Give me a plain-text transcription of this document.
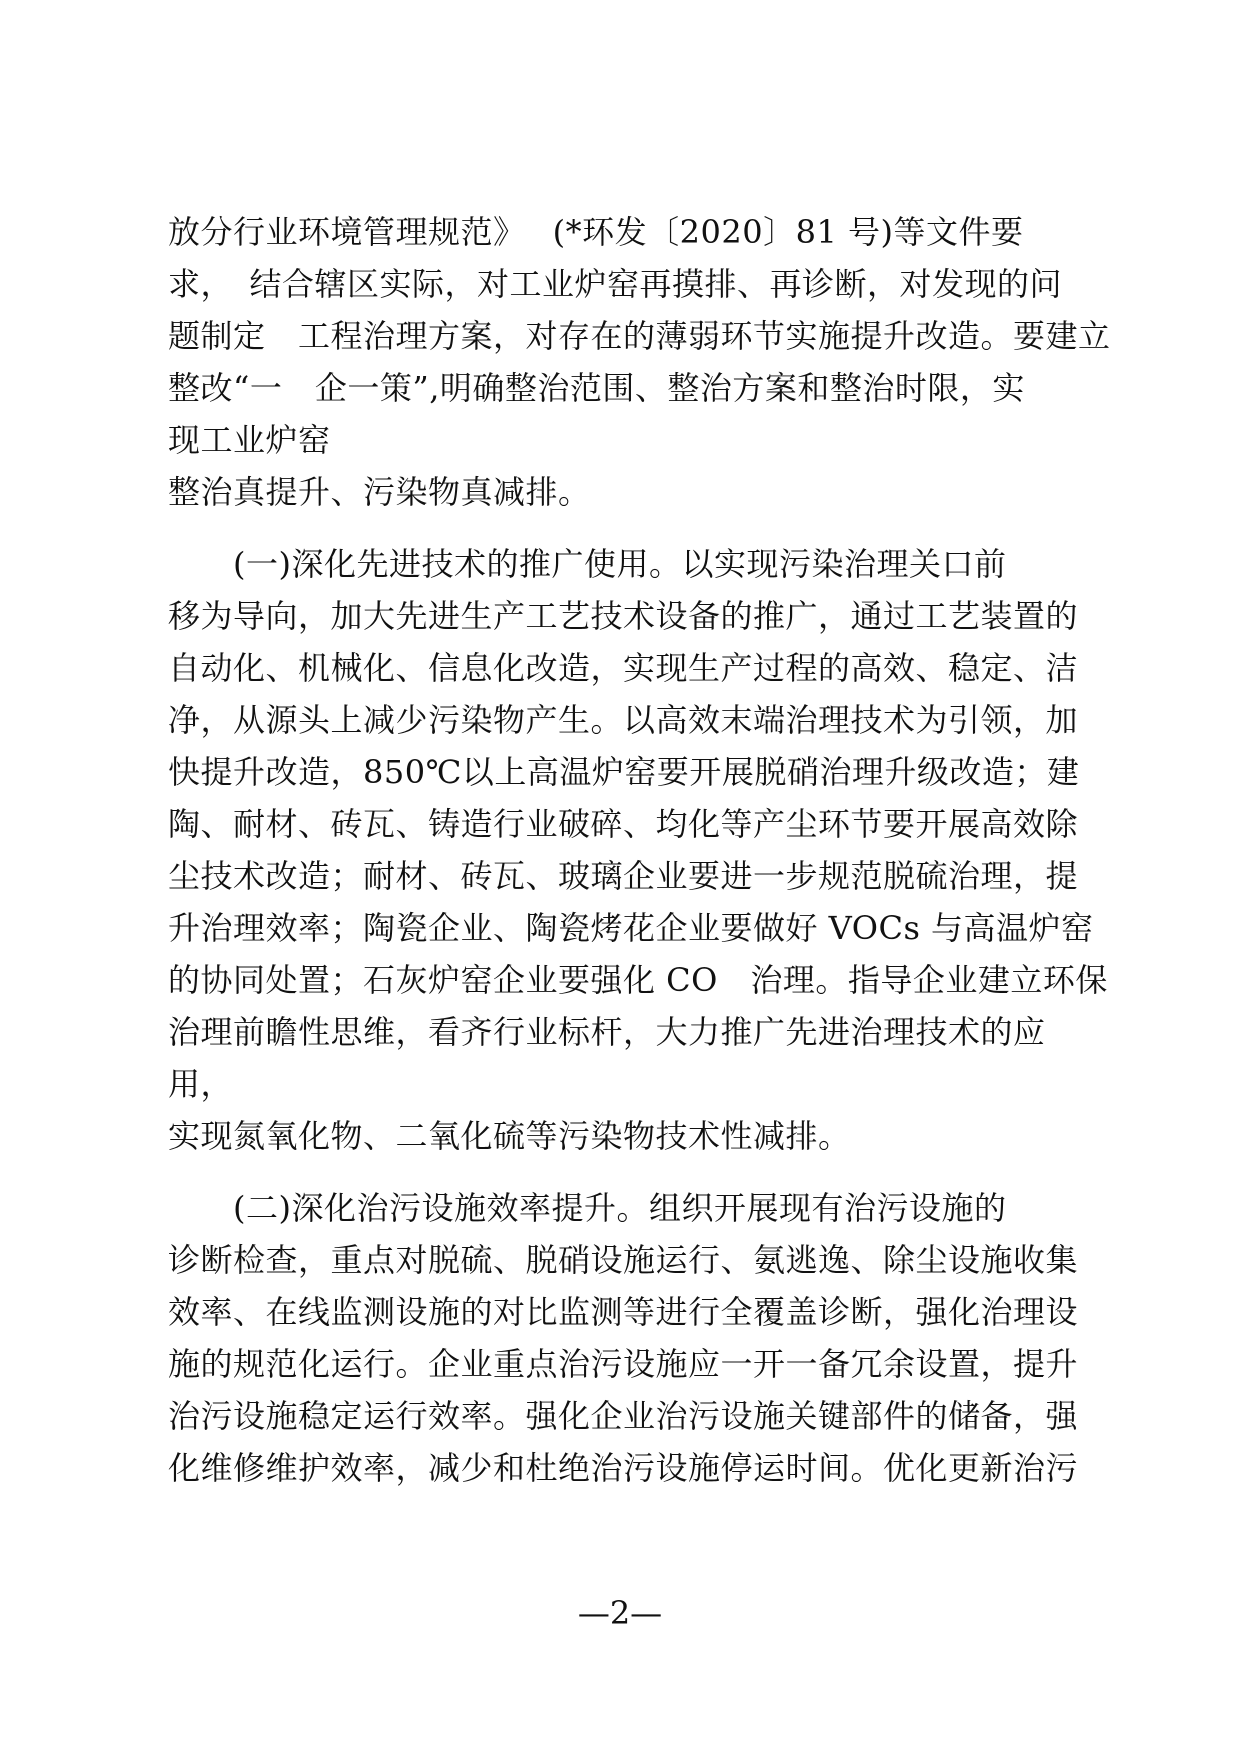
放分行业环境管理规范》　 (*环发〔2020〕81 号)等文件要

求，　结合辖区实际，对工业炉窑再摸排、再诊断，对发现的问

题制定　工程治理方案，对存在的薄弱环节实施提升改造。要建立

整改“一　企一策”,明确整治范围、整治方案和整治时限，实

现工业炉窑

整治真提升、污染物真减排。

　　(一)深化先进技术的推广使用。以实现污染治理关口前

移为导向，加大先进生产工艺技术设备的推广，通过工艺装置的

自动化、机械化、信息化改造，实现生产过程的高效、稳定、洁

净，从源头上减少污染物产生。以高效末端治理技术为引领，加

快提升改造，850℃以上高温炉窑要开展脱硝治理升级改造；建

陶、耐材、砖瓦、铸造行业破碎、均化等产尘环节要开展高效除

尘技术改造；耐材、砖瓦、玻璃企业要进一步规范脱硫治理，提

升治理效率；陶瓷企业、陶瓷烤花企业要做好 VOCs 与高温炉窑

的协同处置；石灰炉窑企业要强化 CO　治理。指导企业建立环保

治理前瞻性思维，看齐行业标杆，大力推广先进治理技术的应

用，

实现氮氧化物、二氧化硫等污染物技术性减排。

　　(二)深化治污设施效率提升。组织开展现有治污设施的

诊断检查，重点对脱硫、脱硝设施运行、氨逃逸、除尘设施收集

效率、在线监测设施的对比监测等进行全覆盖诊断，强化治理设

施的规范化运行。企业重点治污设施应一开一备冗余设置，提升

治污设施稳定运行效率。强化企业治污设施关键部件的储备，强

化维修维护效率，减少和杜绝治污设施停运时间。优化更新治污

—2—
